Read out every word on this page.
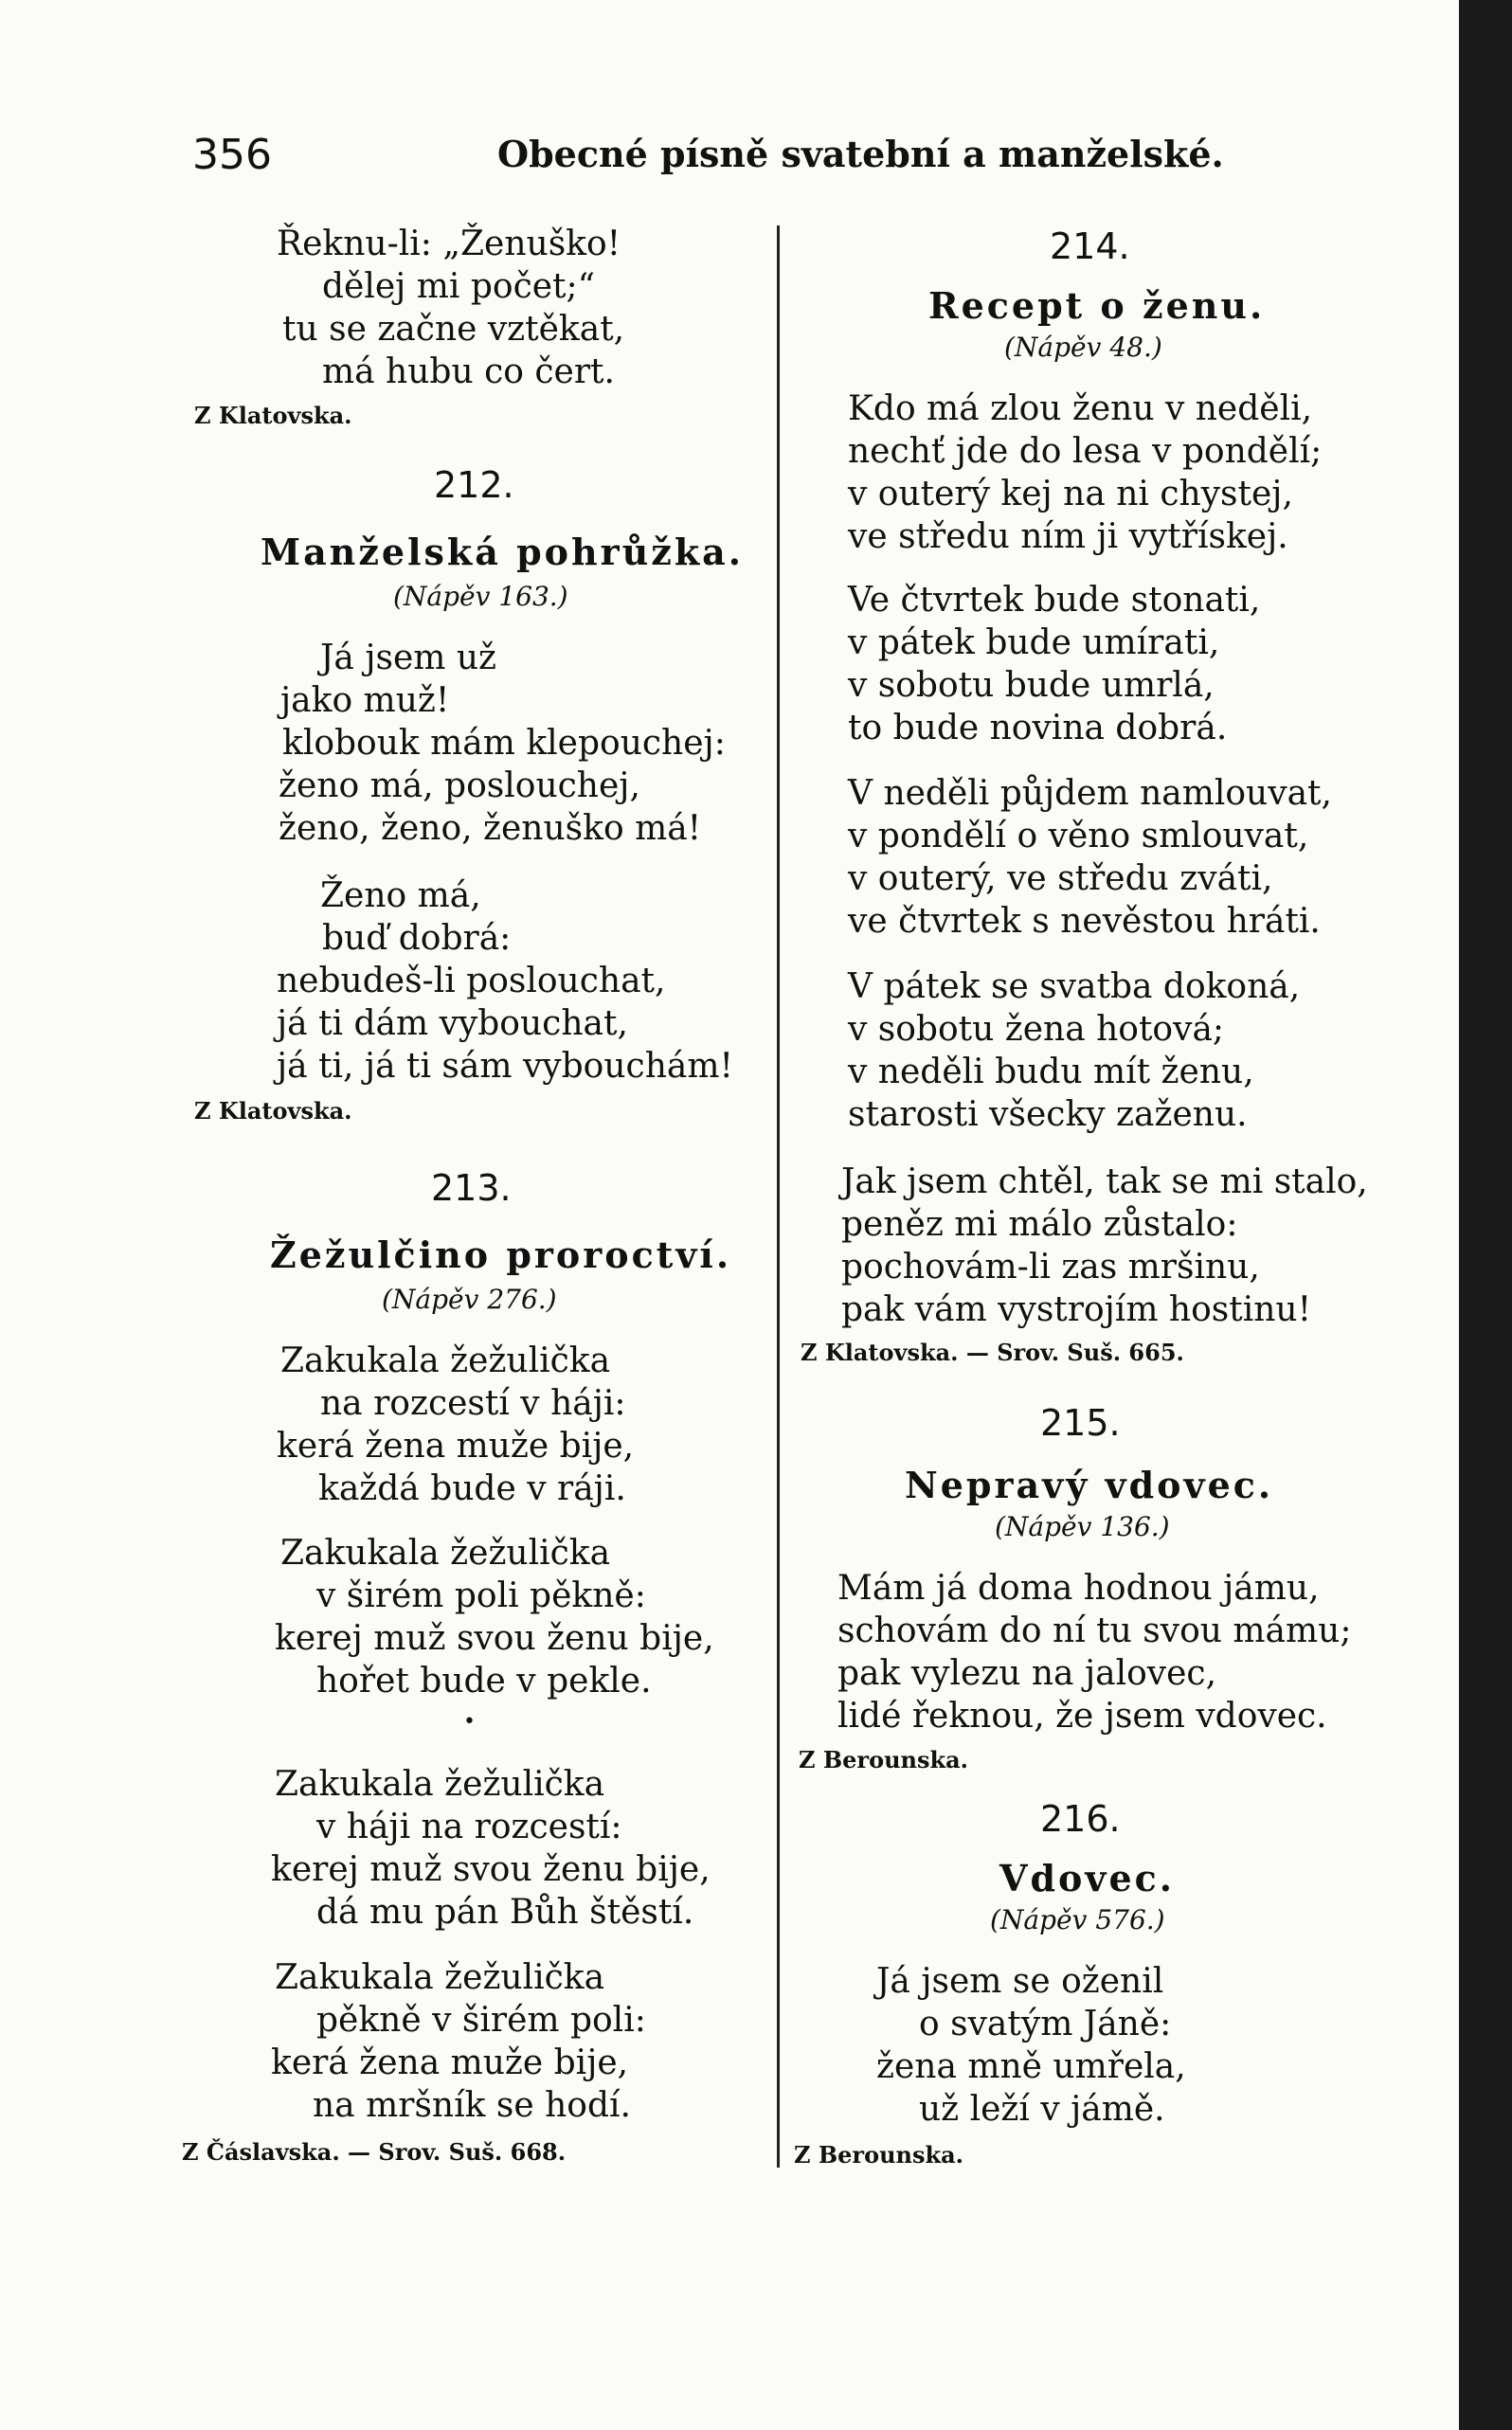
356	Obecné písně svatební a manželské.
Řeknu-li: „Ženuško!
dělej mi počet;“
tu se začne vztěkat,
má hubu co čert.
Z Klatovska.
212.
Manželská pohrůžka.
(Nápěv 163.)
Já jsem už
jako muž!
klobouk mám klepouchej:
ženo má, poslouchej,
ženo, ženo, ženuško má!
Ženo má,
buď dobrá:
nebudeš-li poslouchat,
já ti dám vybouchat,
já ti, já ti sám vybouchám!
Z Klatovska.
213.
Žežulčino proroctví.
(Nápěv 276.)
Zakukala žežulička
na rozcestí v háji:
kerá žena muže bije,
každá bude v ráji.
Zakukala žežulička
v širém poli pěkně:
kerej muž svou ženu bije,
hořet bude v pekle.
Zakukala žežulička
v háji na rozcestí:
kerej muž svou ženu bije,
dá mu pán Bůh štěstí.
Zakukala žežulička
pěkně v širém poli:
kerá žena muže bije,
na mršník se hodí.
Z Čáslavska. — Srov. Suš. 668.
•
214.
Recept o ženu.
(Nápěv 48.)
Kdo má zlou ženu v neděli,
nechť jde do lesa v pondělí;
v outerý kej na ni chystej,
ve středu ním ji vytřískej.
Ve čtvrtek bude stonati,
v pátek bude umírati,
v sobotu bude umrlá,
to bude novina dobrá.
V neděli půjdem namlouvat,
v pondělí o věno smlouvat,
v outerý, ve středu zváti,
ve čtvrtek s nevěstou hráti.
V pátek se svatba dokoná,
v sobotu žena hotová;
v neděli budu mít ženu,
starosti všecky zaženu.
Jak jsem chtěl, tak se mi stalo,
peněz mi málo zůstalo:
pochovám-li zas mršinu,
pak vám vystrojím hostinu!
Z Klatovska. — Srov. Suš. 665.
215.
Nepravý vdovec.
(Nápěv 136.)
Mám já doma hodnou jámu,
schovám do ní tu svou mámu;
pak vylezu na jalovec,
lidé řeknou, že jsem vdovec.
Z Berounska.
216.
Vdovec.
(Nápěv 576.)
Já jsem se oženil
o svatým Jáně:
žena mně umřela,
už leží v jámě.
Z Berounska.
